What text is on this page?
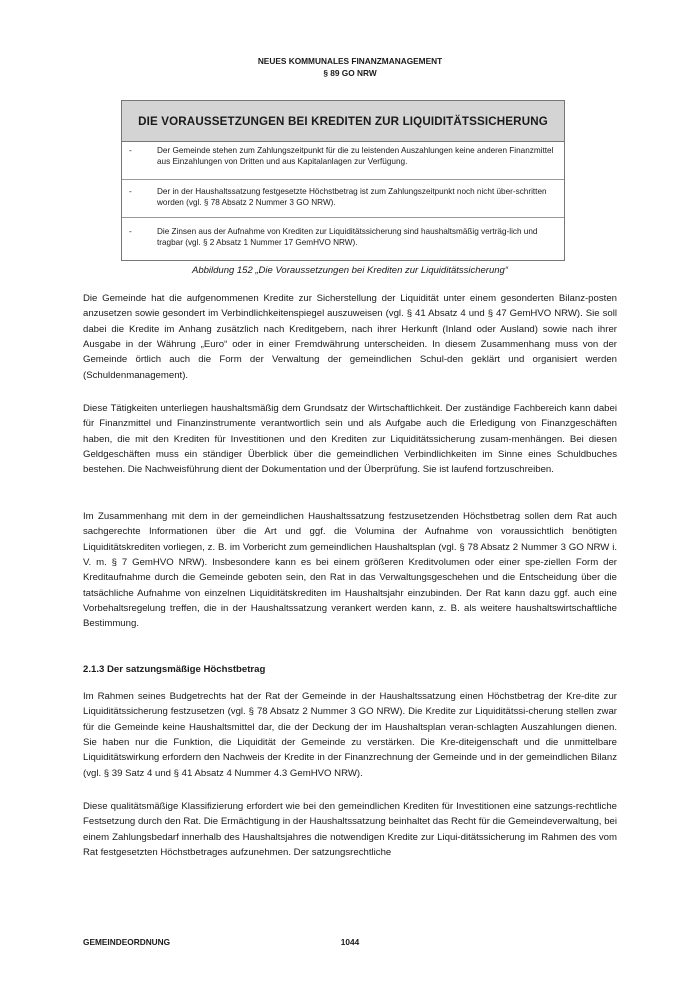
NEUES KOMMUNALES FINANZMANAGEMENT
§ 89 GO NRW
DIE VORAUSSETZUNGEN BEI KREDITEN ZUR LIQUIDITÄTSSICHERUNG
-	Der Gemeinde stehen zum Zahlungszeitpunkt für die zu leistenden Auszahlungen keine anderen Finanzmittel aus Einzahlungen von Dritten und aus Kapitalanlagen zur Verfügung.
-	Der in der Haushaltssatzung festgesetzte Höchstbetrag ist zum Zahlungszeitpunkt noch nicht über-schritten worden (vgl. § 78 Absatz 2 Nummer 3 GO NRW).
-	Die Zinsen aus der Aufnahme von Krediten zur Liquiditätssicherung sind haushaltsmäßig verträg-lich und tragbar (vgl. § 2 Absatz 1 Nummer 17 GemHVO NRW).
Abbildung 152 „Die Voraussetzungen bei Krediten zur Liquiditätssicherung“

Die Gemeinde hat die aufgenommenen Kredite zur Sicherstellung der Liquidität unter einem gesonderten Bilanz-posten anzusetzen sowie gesondert im Verbindlichkeitenspiegel auszuweisen (vgl. § 41 Absatz 4 und § 47 GemHVO NRW). Sie soll dabei die Kredite im Anhang zusätzlich nach Kreditgebern, nach ihrer Herkunft (Inland oder Ausland) sowie nach ihrer Ausgabe in der Währung „Euro“ oder in einer Fremdwährung unterscheiden. In diesem Zusammenhang muss von der Gemeinde örtlich auch die Form der Verwaltung der gemeindlichen Schul-den geklärt und organisiert werden (Schuldenmanagement).

Diese Tätigkeiten unterliegen haushaltsmäßig dem Grundsatz der Wirtschaftlichkeit. Der zuständige Fachbereich kann dabei für Finanzmittel und Finanzinstrumente verantwortlich sein und als Aufgabe auch die Erledigung von Finanzgeschäften haben, die mit den Krediten für Investitionen und den Krediten zur Liquiditätssicherung zusam-menhängen. Bei diesen Geldgeschäften muss ein ständiger Überblick über die gemeindlichen Verbindlichkeiten im Sinne eines Schuldbuches bestehen. Die Nachweisführung dient der Dokumentation und der Überprüfung. Sie ist laufend fortzuschreiben.

Im Zusammenhang mit dem in der gemeindlichen Haushaltssatzung festzusetzenden Höchstbetrag sollen dem Rat auch sachgerechte Informationen über die Art und ggf. die Volumina der Aufnahme von voraussichtlich benötigten Liquiditätskrediten vorliegen, z. B. im Vorbericht zum gemeindlichen Haushaltsplan (vgl. § 78 Absatz 2 Nummer 3 GO NRW i. V. m. § 7 GemHVO NRW). Insbesondere kann es bei einem größeren Kreditvolumen oder einer spe-ziellen Form der Kreditaufnahme durch die Gemeinde geboten sein, den Rat in das Verwaltungsgeschehen und die Entscheidung über die tatsächliche Aufnahme von einzelnen Liquiditätskrediten im Haushaltsjahr einzubinden. Der Rat kann dazu ggf. auch eine Vorbehaltsregelung treffen, die in der Haushaltssatzung verankert werden kann, z. B. als weitere haushaltswirtschaftliche Bestimmung.

2.1.3 Der satzungsmäßige Höchstbetrag

Im Rahmen seines Budgetrechts hat der Rat der Gemeinde in der Haushaltssatzung einen Höchstbetrag der Kre-dite zur Liquiditätssicherung festzusetzen (vgl. § 78 Absatz 2 Nummer 3 GO NRW). Die Kredite zur Liquiditätssi-cherung stellen zwar für die Gemeinde keine Haushaltsmittel dar, die der Deckung der im Haushaltsplan veran-schlagten Auszahlungen dienen. Sie haben nur die Funktion, die Liquidität der Gemeinde zu verstärken. Die Kre-diteigenschaft und die unmittelbare Liquiditätswirkung erfordern den Nachweis der Kredite in der Finanzrechnung der Gemeinde und in der gemeindlichen Bilanz (vgl. § 39 Satz 4 und § 41 Absatz 4 Nummer 4.3 GemHVO NRW).

Diese qualitätsmäßige Klassifizierung erfordert wie bei den gemeindlichen Krediten für Investitionen eine satzungs-rechtliche Festsetzung durch den Rat. Die Ermächtigung in der Haushaltssatzung beinhaltet das Recht für die Gemeindeverwaltung, bei einem Zahlungsbedarf innerhalb des Haushaltsjahres die notwendigen Kredite zur Liqui-ditätssicherung im Rahmen des vom Rat festgesetzten Höchstbetrages aufzunehmen. Der satzungsrechtliche

GEMEINDEORDNUNG	1044
